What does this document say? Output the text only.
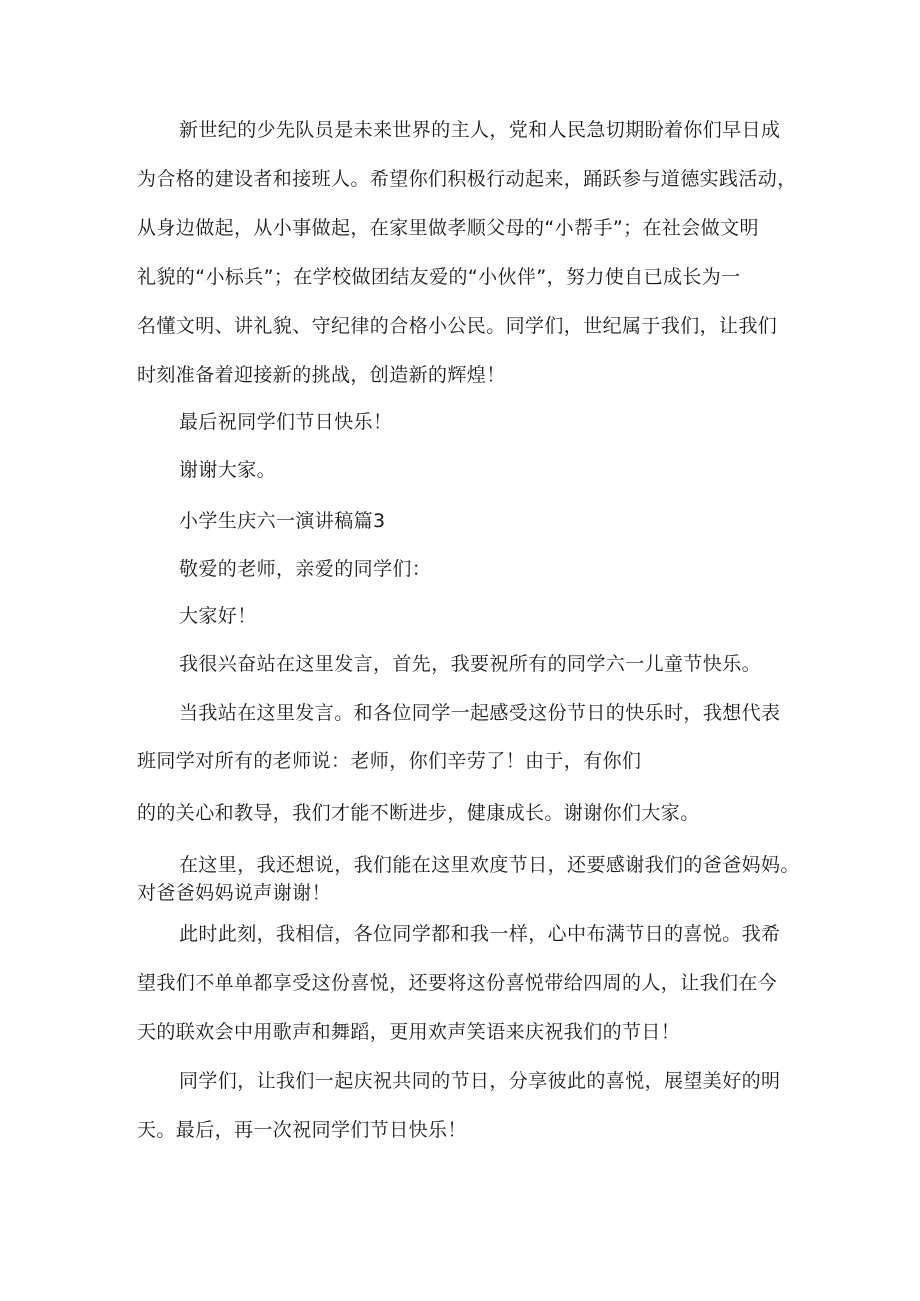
新世纪的少先队员是未来世界的主人，党和人民急切期盼着你们早日成
为合格的建设者和接班人。希望你们积极行动起来，踊跃参与道德实践活动，
从身边做起，从小事做起，在家里做孝顺父母的“小帮手”；在社会做文明
礼貌的“小标兵”；在学校做团结友爱的“小伙伴”，努力使自已成长为一
名懂文明、讲礼貌、守纪律的合格小公民。同学们，世纪属于我们，让我们
时刻准备着迎接新的挑战，创造新的辉煌！
最后祝同学们节日快乐！
谢谢大家。
小学生庆六一演讲稿篇3
敬爱的老师，亲爱的同学们：
大家好！
我很兴奋站在这里发言，首先，我要祝所有的同学六一儿童节快乐。
当我站在这里发言。和各位同学一起感受这份节日的快乐时，我想代表
班同学对所有的老师说：老师，你们辛劳了！由于，有你们
的的关心和教导，我们才能不断进步，健康成长。谢谢你们大家。
在这里，我还想说，我们能在这里欢度节日，还要感谢我们的爸爸妈妈。
对爸爸妈妈说声谢谢！
此时此刻，我相信，各位同学都和我一样，心中布满节日的喜悦。我希
望我们不单单都享受这份喜悦，还要将这份喜悦带给四周的人，让我们在今
天的联欢会中用歌声和舞蹈，更用欢声笑语来庆祝我们的节日！
同学们，让我们一起庆祝共同的节日，分享彼此的喜悦，展望美好的明
天。最后，再一次祝同学们节日快乐！
